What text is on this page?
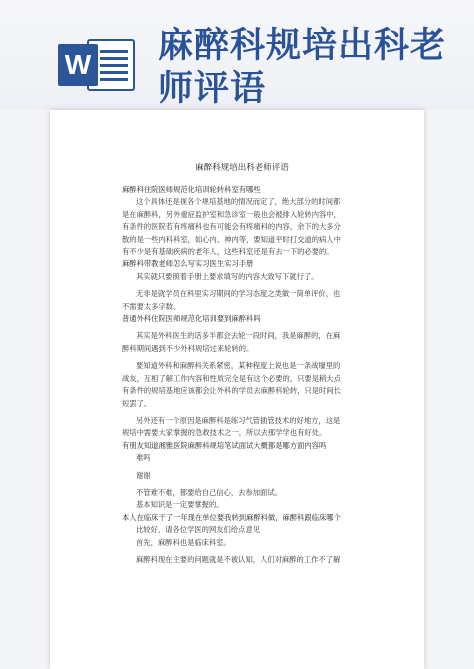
W 麻醉科规培出科老
师评语
麻醉科规培出科老师评语

麻醉科住院医师规范化培训轮转科室有哪些

这个具体还是视各个规培基地的情况而定了，绝大部分的时间都

是在麻醉科，另外重症监护室和急诊室一般也会被排入轮转内容中，

有条件的医院若有疼痛科也有可能会有疼痛科的内容，余下的大多分

散的是一些内科科室，如心内、神内等，要知道平时打交道的病人中

有不少是有基础疾病的老年人，这些科室还是有去一下的必要的。

麻醉科带教老师怎么写实习医生实习手册

其实就只要照着手册上要求填写的内容大致写下就行了。

无非是就学员在科里实习期间的学习态度之类做一简单评价，也

不需要太多字数。

普通外科住院医师规范化培训要到麻醉科吗

其实是外科医生的话多半都会去轮一段时间，我是麻醉的，在麻

醉科期间遇到不少外科规培过来轮转的。

要知道外科和麻醉科关系紧密，某种程度上说也是一条战壕里的

战友，互相了解工作内容和性质完全是有这个必要的，只要是稍大点

有条件的规培基地应该都会让外科的学员去麻醉科轮转，只是时间长

短罢了。

另外还有一个原因是麻醉科是练习气管插管技术的好地方，这是

规培中需要大家掌握的急救技术之一，所以去那学学也有好处。

有朋友知道湘雅医院麻醉科规培笔试面试大概都是哪方面内容吗

难吗

谢谢

不管难不难，都要给自己信心，去参加面试。

基本知识是一定要掌握的。

本人在临床干了一年现在单位要我转到麻醉科做，麻醉科跟临床哪个

比较好，请各位学医的网友们给点意见

首先，麻醉科也是临床科室。

麻醉科现在主要的问题就是不被认知，人们对麻醉的工作不了解
